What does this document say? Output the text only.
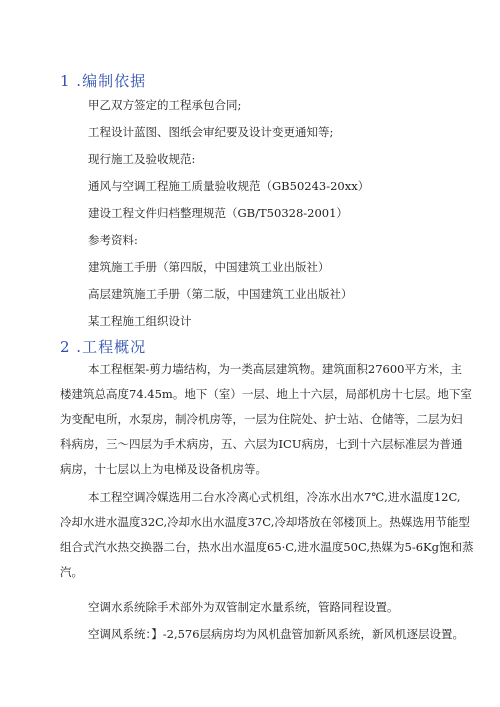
1 .编制依据
甲乙双方签定的工程承包合同;
工程设计蓝图、图纸会审纪要及设计变更通知等;
现行施工及验收规范:
通风与空调工程施工质量验收规范（GB50243-20xx）
建设工程文件归档整理规范（GB/T50328-2001）
参考资料:
建筑施工手册（第四版，中国建筑工业出版社）
高层建筑施工手册（第二版，中国建筑工业出版社）
某工程施工组织设计
2 .工程概况
本工程框架-剪力墙结构，为一类高层建筑物。建筑面积27600平方米，主
楼建筑总高度74.45m。地下（室）一层、地上十六层，局部机房十七层。地下室
为变配电所，水泵房，制冷机房等，一层为住院处、护士站、仓储等，二层为妇
科病房，三～四层为手术病房，五、六层为ICU病房，七到十六层标准层为普通
病房，十七层以上为电梯及设备机房等。
本工程空调冷媒选用二台水冷离心式机组，冷冻水出水7℃,进水温度12C,
冷却水进水温度32C,冷却水出水温度37C,冷却塔放在邻楼顶上。热媒选用节能型
组合式汽水热交换器二台，热水出水温度65·C,进水温度50C,热媒为5-6Kg饱和蒸
汽。
空调水系统除手术部外为双管制定水量系统，管路同程设置。
空调风系统：】-2,576层病房均为风机盘管加新风系统，新风机逐层设置。
